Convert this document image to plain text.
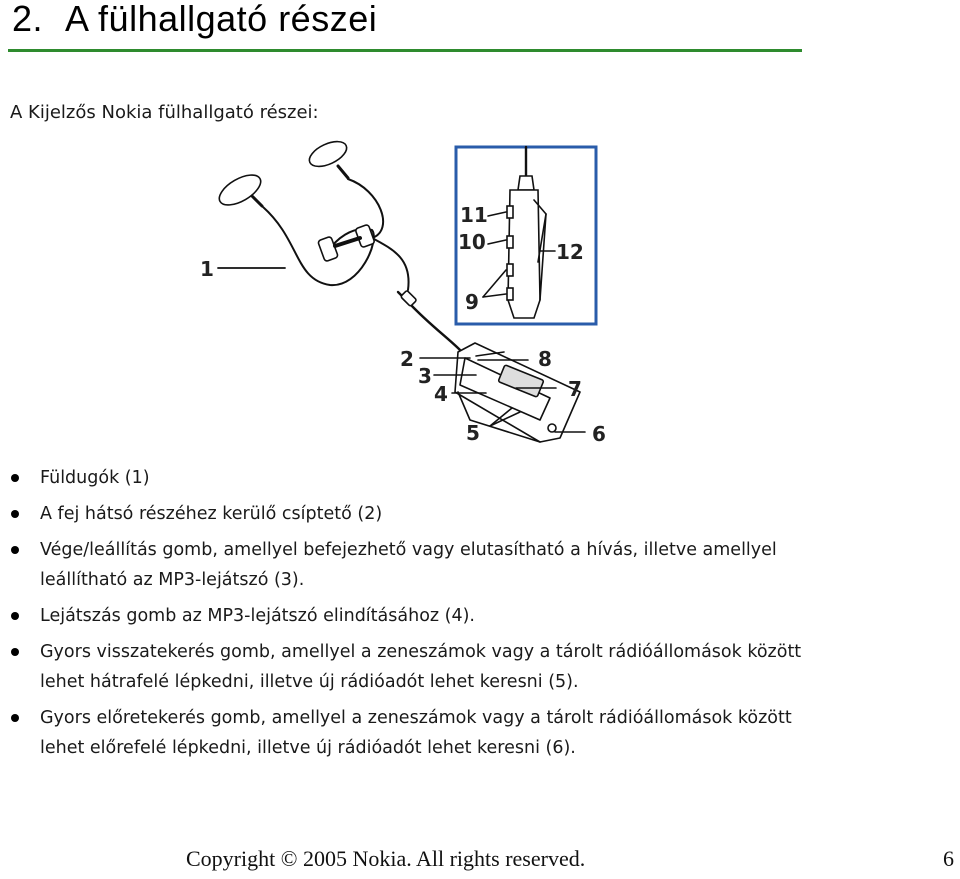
2. A fülhallgató részei

A Kijelzős Nokia fülhallgató részei:

1
2
3
4
5	6
7
8
9
10
11
12
Füldugók (1)
A fej hátsó részéhez kerülő csíptető (2)
Vége/leállítás gomb, amellyel befejezhető vagy elutasítható a hívás, illetve amellyel leállítható az MP3-lejátszó (3).
Lejátszás gomb az MP3-lejátszó elindításához (4).
Gyors visszatekerés gomb, amellyel a zeneszámok vagy a tárolt rádióállomások között lehet hátrafelé lépkedni, illetve új rádióadót lehet keresni (5).
Gyors előretekerés gomb, amellyel a zeneszámok vagy a tárolt rádióállomások között lehet előrefelé lépkedni, illetve új rádióadót lehet keresni (6).
Copyright © 2005 Nokia. All rights reserved.	6
